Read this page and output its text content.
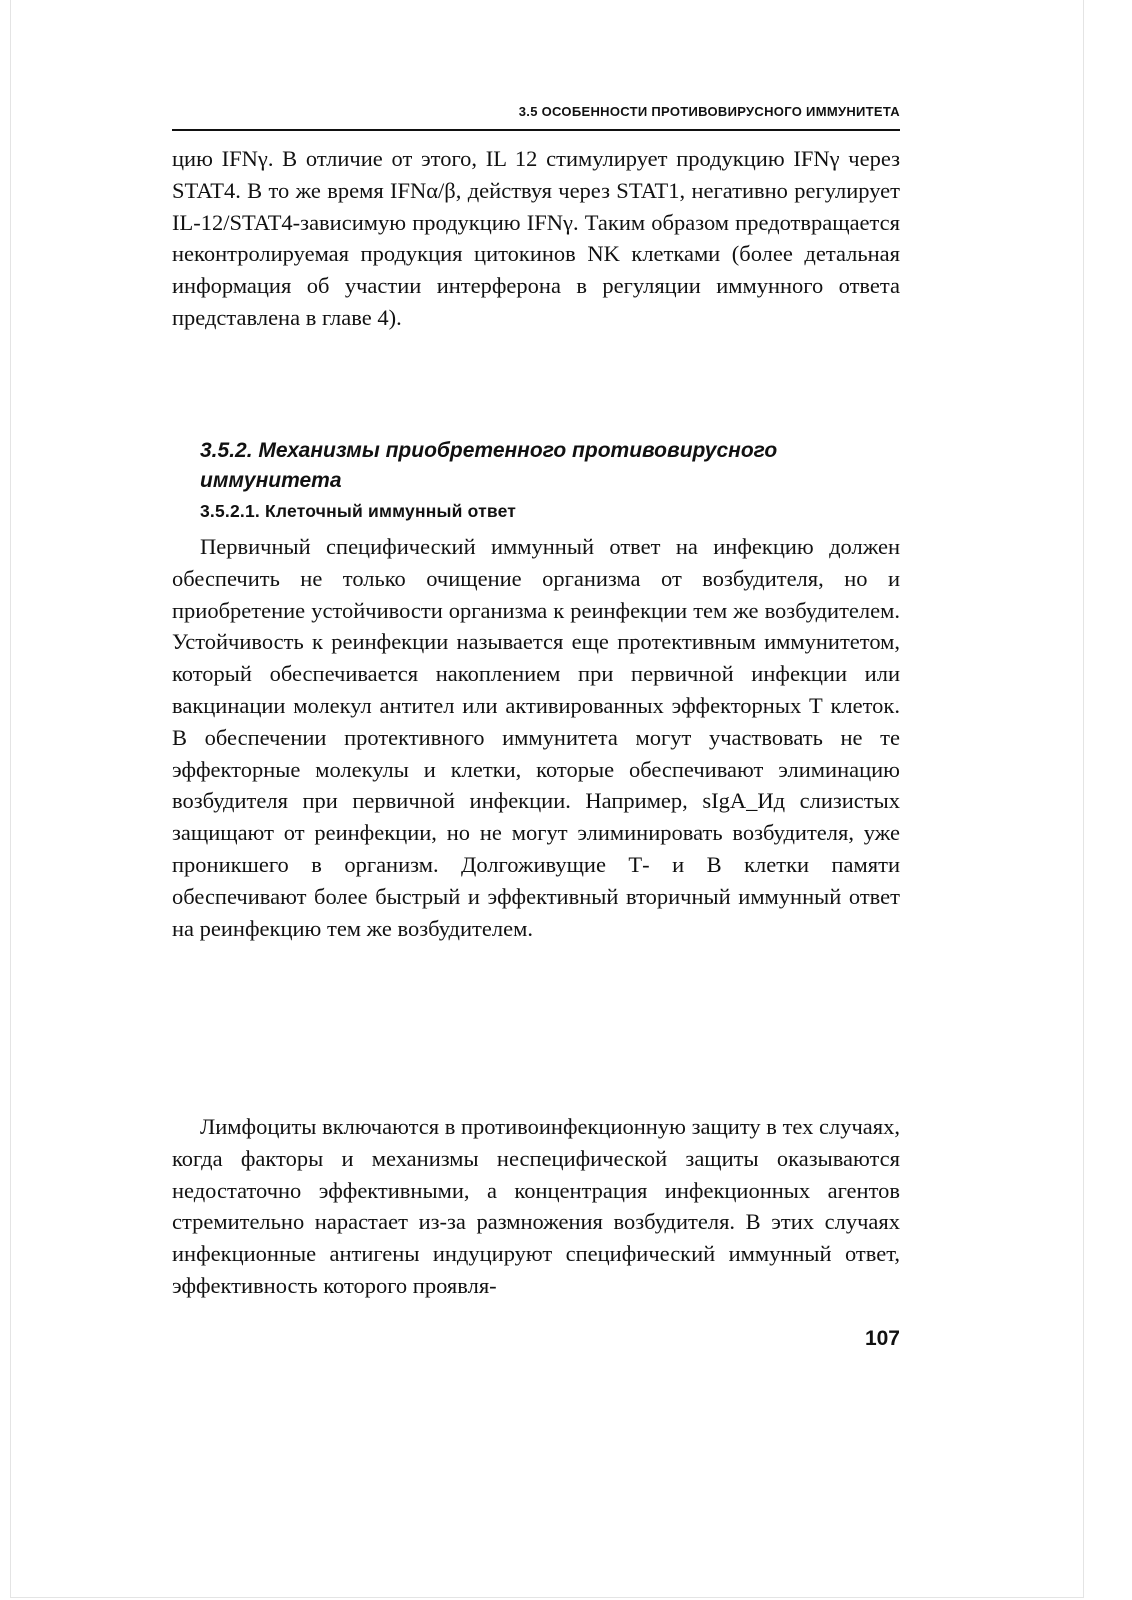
3.5 ОСОБЕННОСТИ ПРОТИВОВИРУСНОГО ИММУНИТЕТА

цию IFNγ. В отличие от этого, IL 12 стимулирует продукцию IFNγ через STAT4. В то же время IFNα/β, действуя через STAT1, негативно регулирует IL-12/STAT4-зависимую продукцию IFNγ. Таким образом предотвращается неконтролируемая продукция цитокинов NK клетками (более детальная информация об участии интерферона в регуляции иммунного ответа представлена в главе 4).

3.5.2. Механизмы приобретенного противовирусного иммунитета
3.5.2.1. Клеточный иммунный ответ

Первичный специфический иммунный ответ на инфекцию должен обеспечить не только очищение организма от возбудителя, но и приобретение устойчивости организма к реинфекции тем же возбудителем. Устойчивость к реинфекции называется еще протективным иммунитетом, который обеспечивается накоплением при первичной инфекции или вакцинации молекул антител или активированных эффекторных Т клеток. В обеспечении протективного иммунитета могут участвовать не те эффекторные молекулы и клетки, которые обеспечивают элиминацию возбудителя при первичной инфекции. Например, sIgA_Ид слизистых защищают от реинфекции, но не могут элиминировать возбудителя, уже проникшего в организм. Долгоживущие Т- и В клетки памяти обеспечивают более быстрый и эффективный вторичный иммунный ответ на реинфекцию тем же возбудителем.

Лимфоциты включаются в противоинфекционную защиту в тех случаях, когда факторы и механизмы неспецифической защиты оказываются недостаточно эффективными, а концентрация инфекционных агентов стремительно нарастает из-за размножения возбудителя. В этих случаях инфекционные антигены индуцируют специфический иммунный ответ, эффективность которого проявля-

107
